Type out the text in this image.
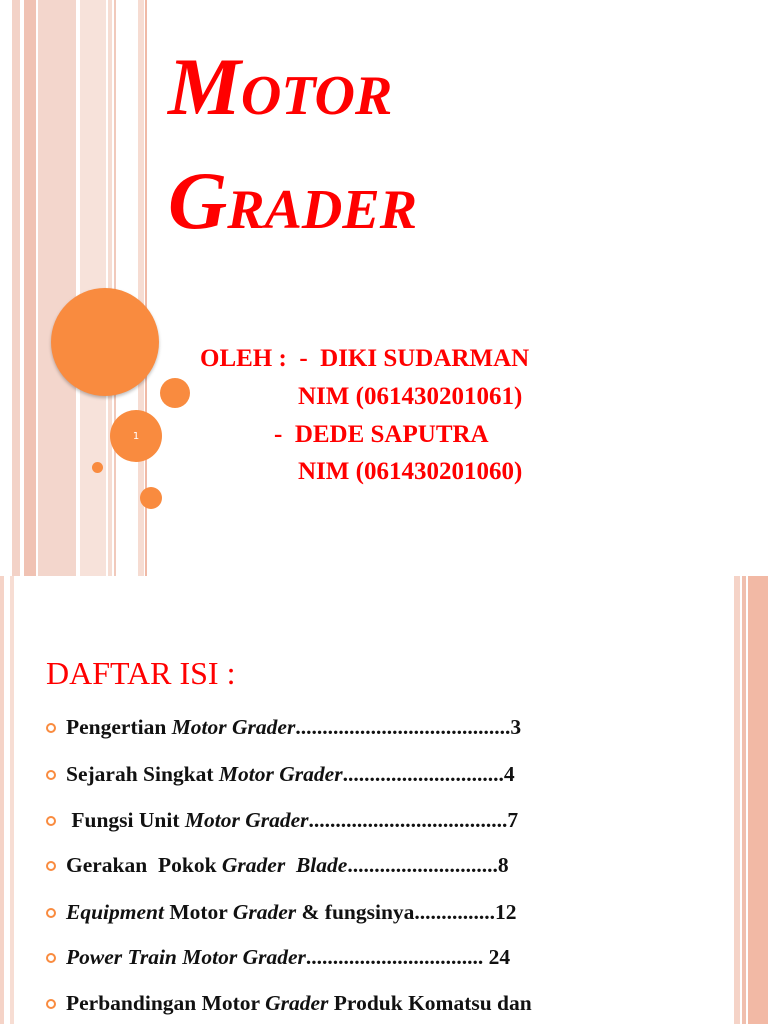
1
MOTOR
GRADER
OLEH :  -  DIKI SUDARMAN
NIM (061430201061)
-  DEDE SAPUTRA
NIM (061430201060)
DAFTAR ISI :
Pengertian Motor Grader ........................................3
Sejarah Singkat Motor Grader ..............................4
Fungsi Unit Motor Grader .....................................7
Gerakan  Pokok Grader  Blade ............................8
Equipment Motor Grader & fungsinya...............12
Power Train Motor Grader ................................. 24
Perbandingan Motor Grader Produk Komatsu dan
